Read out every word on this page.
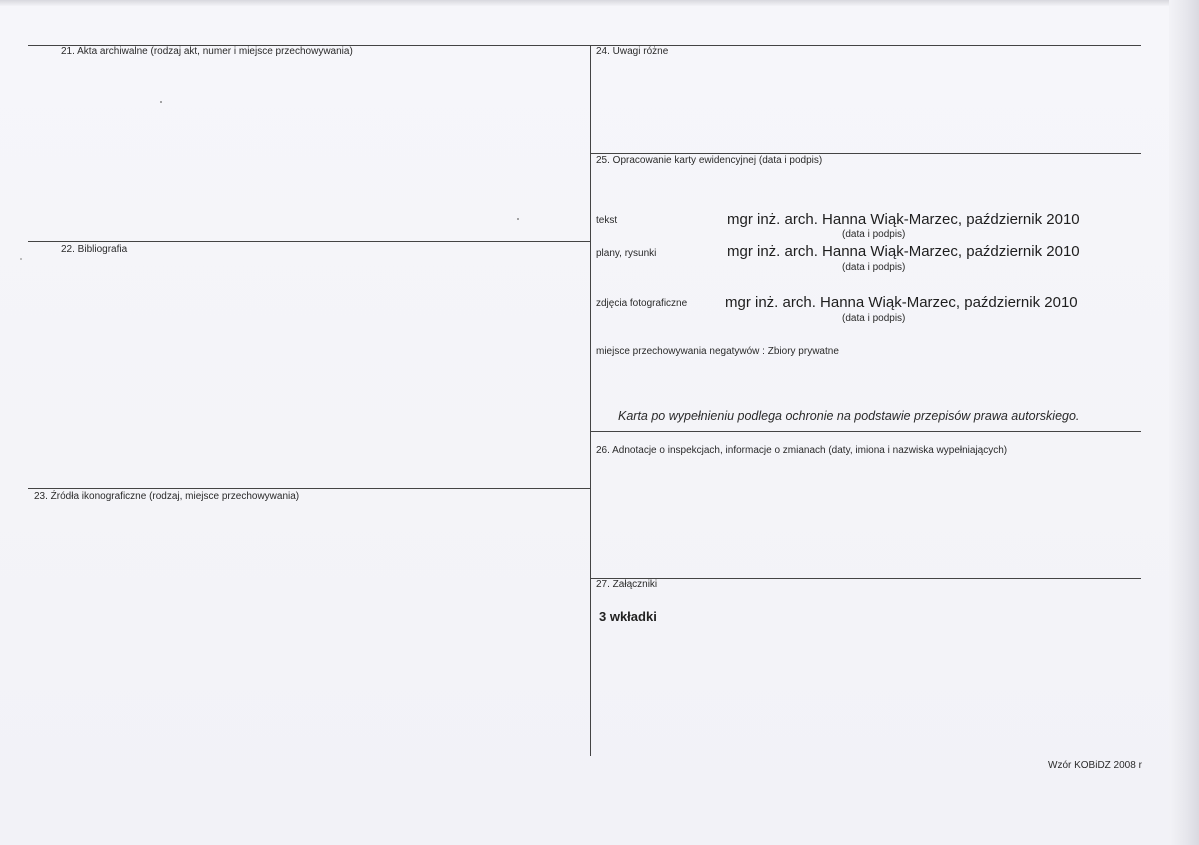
21. Akta archiwalne (rodzaj akt, numer i miejsce przechowywania)
22. Bibliografia
23. Źródła ikonograficzne (rodzaj, miejsce przechowywania)
24. Uwagi różne
25. Opracowanie karty ewidencyjnej (data i podpis)
tekst	mgr inż. arch. Hanna Wiąk-Marzec, październik 2010
(data i podpis)
plany, rysunki	mgr inż. arch. Hanna Wiąk-Marzec, październik 2010
(data i podpis)
zdjęcia fotograficzne	mgr inż. arch. Hanna Wiąk-Marzec, październik 2010
(data i podpis)
miejsce przechowywania negatywów : Zbiory prywatne
Karta po wypełnieniu podlega ochronie na podstawie przepisów prawa autorskiego.
26. Adnotacje o inspekcjach, informacje o zmianach (daty, imiona i nazwiska wypełniających)
27. Załączniki
3 wkładki
Wzór KOBiDZ 2008 r
